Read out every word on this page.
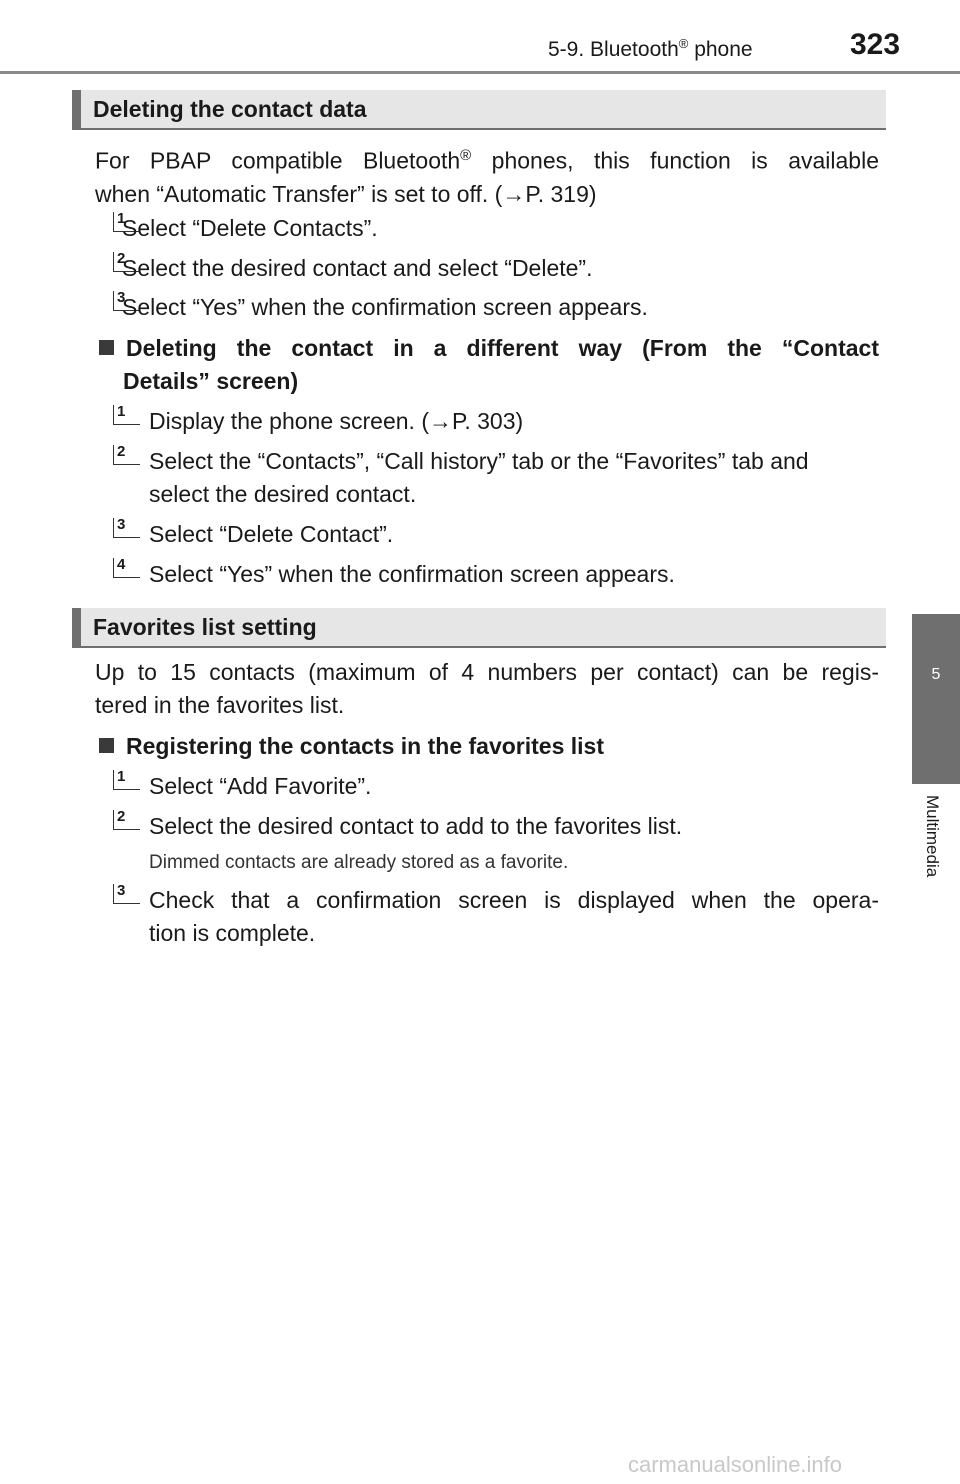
5-9. Bluetooth® phone	323
5
Multimedia
Deleting the contact data
For PBAP compatible Bluetooth® phones, this function is available
when “Automatic Transfer” is set to off. (→P. 319)
1
Select “Delete Contacts”.
2
Select the desired contact and select “Delete”.
3
Select “Yes” when the confirmation screen appears.
Deleting the contact in a different way (From the “Contact
Details” screen)
1	Display the phone screen. (→P. 303)
2	Select the “Contacts”, “Call history” tab or the “Favorites” tab and
select the desired contact.
3	Select “Delete Contact”.
4	Select “Yes” when the confirmation screen appears.
Favorites list setting
Up to 15 contacts (maximum of 4 numbers per contact) can be regis-
tered in the favorites list.
Registering the contacts in the favorites list
1	Select “Add Favorite”.
2	Select the desired contact to add to the favorites list.
Dimmed contacts are already stored as a favorite.
3	Check that a confirmation screen is displayed when the opera-
tion is complete.
carmanualsonline.info
